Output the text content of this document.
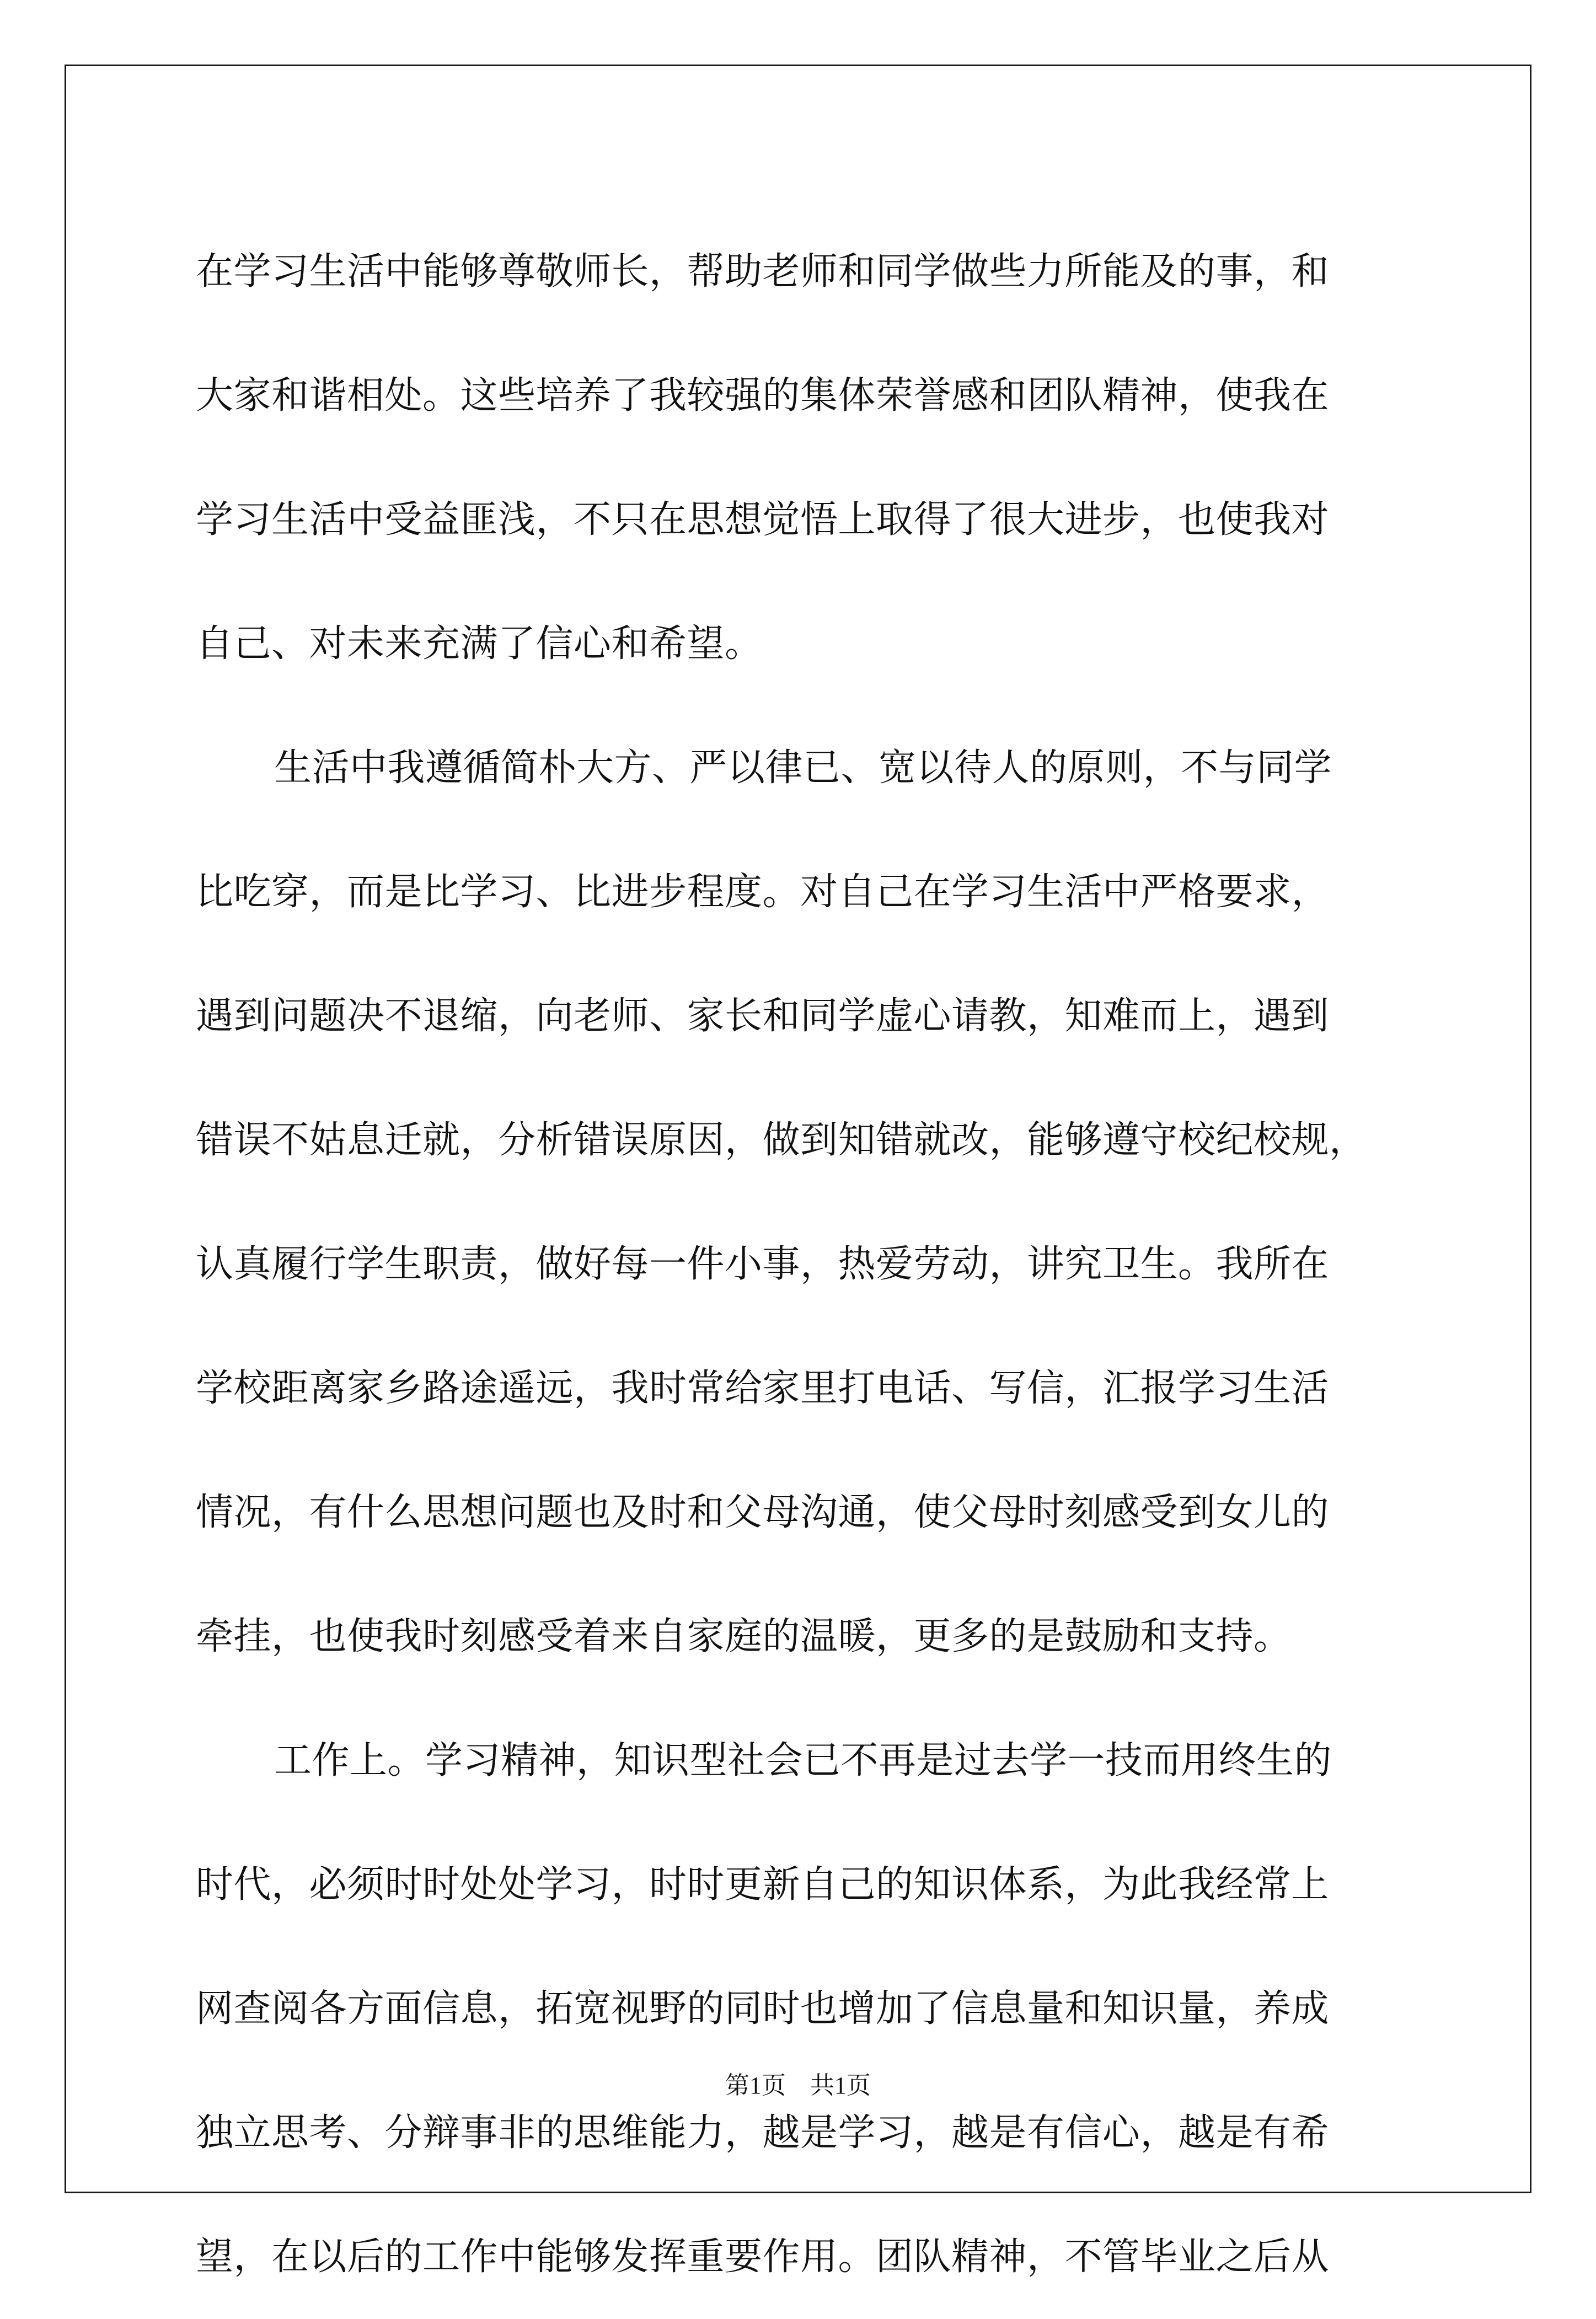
在学习生活中能够尊敬师长，帮助老师和同学做些力所能及的事，和
大家和谐相处。这些培养了我较强的集体荣誉感和团队精神，使我在
学习生活中受益匪浅，不只在思想觉悟上取得了很大进步，也使我对
自己、对未来充满了信心和希望。
生活中我遵循简朴大方、严以律已、宽以待人的原则，不与同学
比吃穿，而是比学习、比进步程度。对自己在学习生活中严格要求，
遇到问题决不退缩，向老师、家长和同学虚心请教，知难而上，遇到
错误不姑息迁就，分析错误原因，做到知错就改，能够遵守校纪校规，
认真履行学生职责，做好每一件小事，热爱劳动，讲究卫生。我所在
学校距离家乡路途遥远，我时常给家里打电话、写信，汇报学习生活
情况，有什么思想问题也及时和父母沟通，使父母时刻感受到女儿的
牵挂，也使我时刻感受着来自家庭的温暖，更多的是鼓励和支持。
工作上。学习精神，知识型社会已不再是过去学一技而用终生的
时代，必须时时处处学习，时时更新自己的知识体系，为此我经常上
网查阅各方面信息，拓宽视野的同时也增加了信息量和知识量，养成
独立思考、分辩事非的思维能力，越是学习，越是有信心，越是有希
望，在以后的工作中能够发挥重要作用。团队精神，不管毕业之后从
第1页　共1页
